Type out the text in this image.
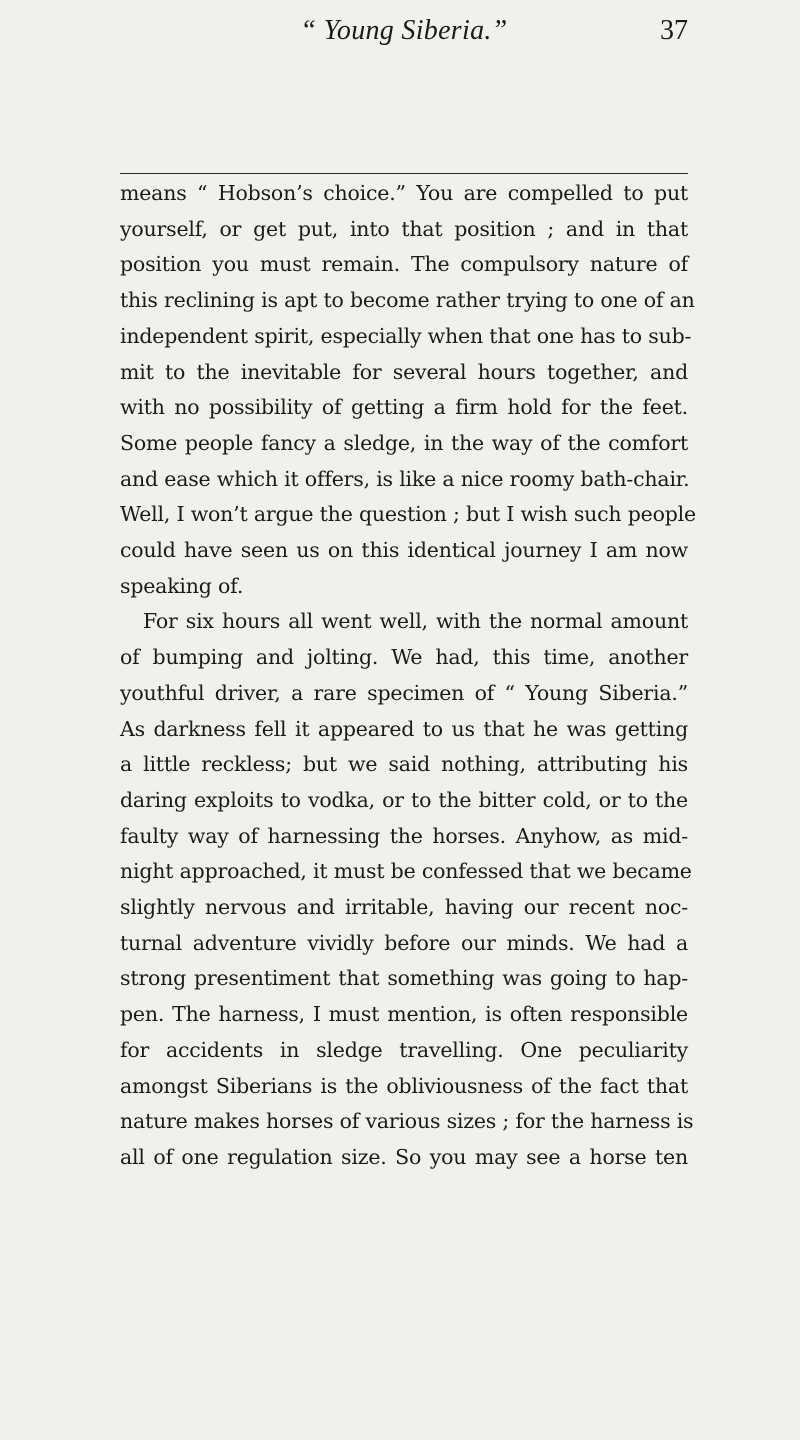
“ Young Siberia.”	37
means “ Hobson’s choice.” You are compelled to put
yourself, or get put, into that position ; and in that
position you must remain. The compulsory nature of
this reclining is apt to become rather trying to one of an
independent spirit, especially when that one has to sub-
mit to the inevitable for several hours together, and
with no possibility of getting a firm hold for the feet.
Some people fancy a sledge, in the way of the comfort
and ease which it offers, is like a nice roomy bath-chair.
Well, I won’t argue the question ; but I wish such people
could have seen us on this identical journey I am now
speaking of.
For six hours all went well, with the normal amount
of bumping and jolting. We had, this time, another
youthful driver, a rare specimen of “ Young Siberia.”
As darkness fell it appeared to us that he was getting
a little reckless; but we said nothing, attributing his
daring exploits to vodka, or to the bitter cold, or to the
faulty way of harnessing the horses. Anyhow, as mid-
night approached, it must be confessed that we became
slightly nervous and irritable, having our recent noc-
turnal adventure vividly before our minds. We had a
strong presentiment that something was going to hap-
pen. The harness, I must mention, is often responsible
for accidents in sledge travelling. One peculiarity
amongst Siberians is the obliviousness of the fact that
nature makes horses of various sizes ; for the harness is
all of one regulation size. So you may see a horse ten
